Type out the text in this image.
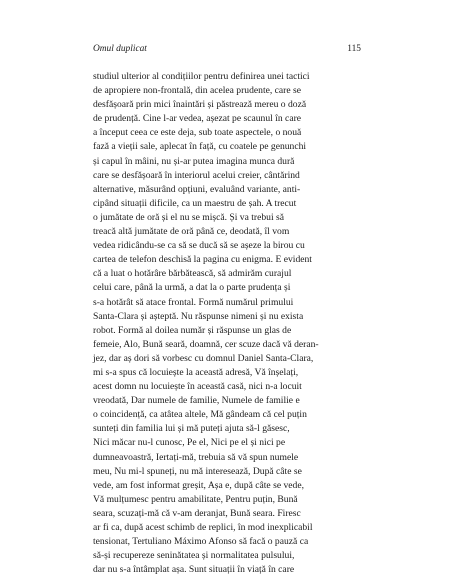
Omul duplicat	115
studiul ulterior al condițiilor pentru definirea unei tactici
de apropiere non-frontală, din acelea prudente, care se
desfășoară prin mici înaintări și păstrează mereu o doză
de prudență. Cine l-ar vedea, așezat pe scaunul în care
a început ceea ce este deja, sub toate aspectele, o nouă
fază a vieții sale, aplecat în față, cu coatele pe genunchi
și capul în mâini, nu și-ar putea imagina munca dură
care se desfășoară în interiorul acelui creier, cântărind
alternative, măsurând opțiuni, evaluând variante, anti-
cipând situații dificile, ca un maestru de șah. A trecut
o jumătate de oră și el nu se mișcă. Și va trebui să
treacă altă jumătate de oră până ce, deodată, îl vom
vedea ridicându-se ca să se ducă să se așeze la birou cu
cartea de telefon deschisă la pagina cu enigma. E evident
că a luat o hotărâre bărbătească, să admirăm curajul
celui care, până la urmă, a dat la o parte prudența și
s-a hotărât să atace frontal. Formă numărul primului
Santa-Clara și așteptă. Nu răspunse nimeni și nu exista
robot. Formă al doilea număr și răspunse un glas de
femeie, Alo, Bună seară, doamnă, cer scuze dacă vă deran-
jez, dar aș dori să vorbesc cu domnul Daniel Santa-Clara,
mi s-a spus că locuiește la această adresă, Vă înșelați,
acest domn nu locuiește în această casă, nici n-a locuit
vreodată, Dar numele de familie, Numele de familie e
o coincidență, ca atâtea altele, Mă gândeam că cel puțin
sunteți din familia lui și mă puteți ajuta să-l găsesc,
Nici măcar nu-l cunosc, Pe el, Nici pe el și nici pe
dumneavoastră, Iertați-mă, trebuia să vă spun numele
meu, Nu mi-l spuneți, nu mă interesează, După câte se
vede, am fost informat greșit, Așa e, după câte se vede,
Vă mulțumesc pentru amabilitate, Pentru puțin, Bună
seara, scuzați-mă că v-am deranjat, Bună seara. Firesc
ar fi ca, după acest schimb de replici, în mod inexplicabil
tensionat, Tertuliano Máximo Afonso să facă o pauză ca
să-și recupereze seninătatea și normalitatea pulsului,
dar nu s-a întâmplat așa. Sunt situații în viață în care
